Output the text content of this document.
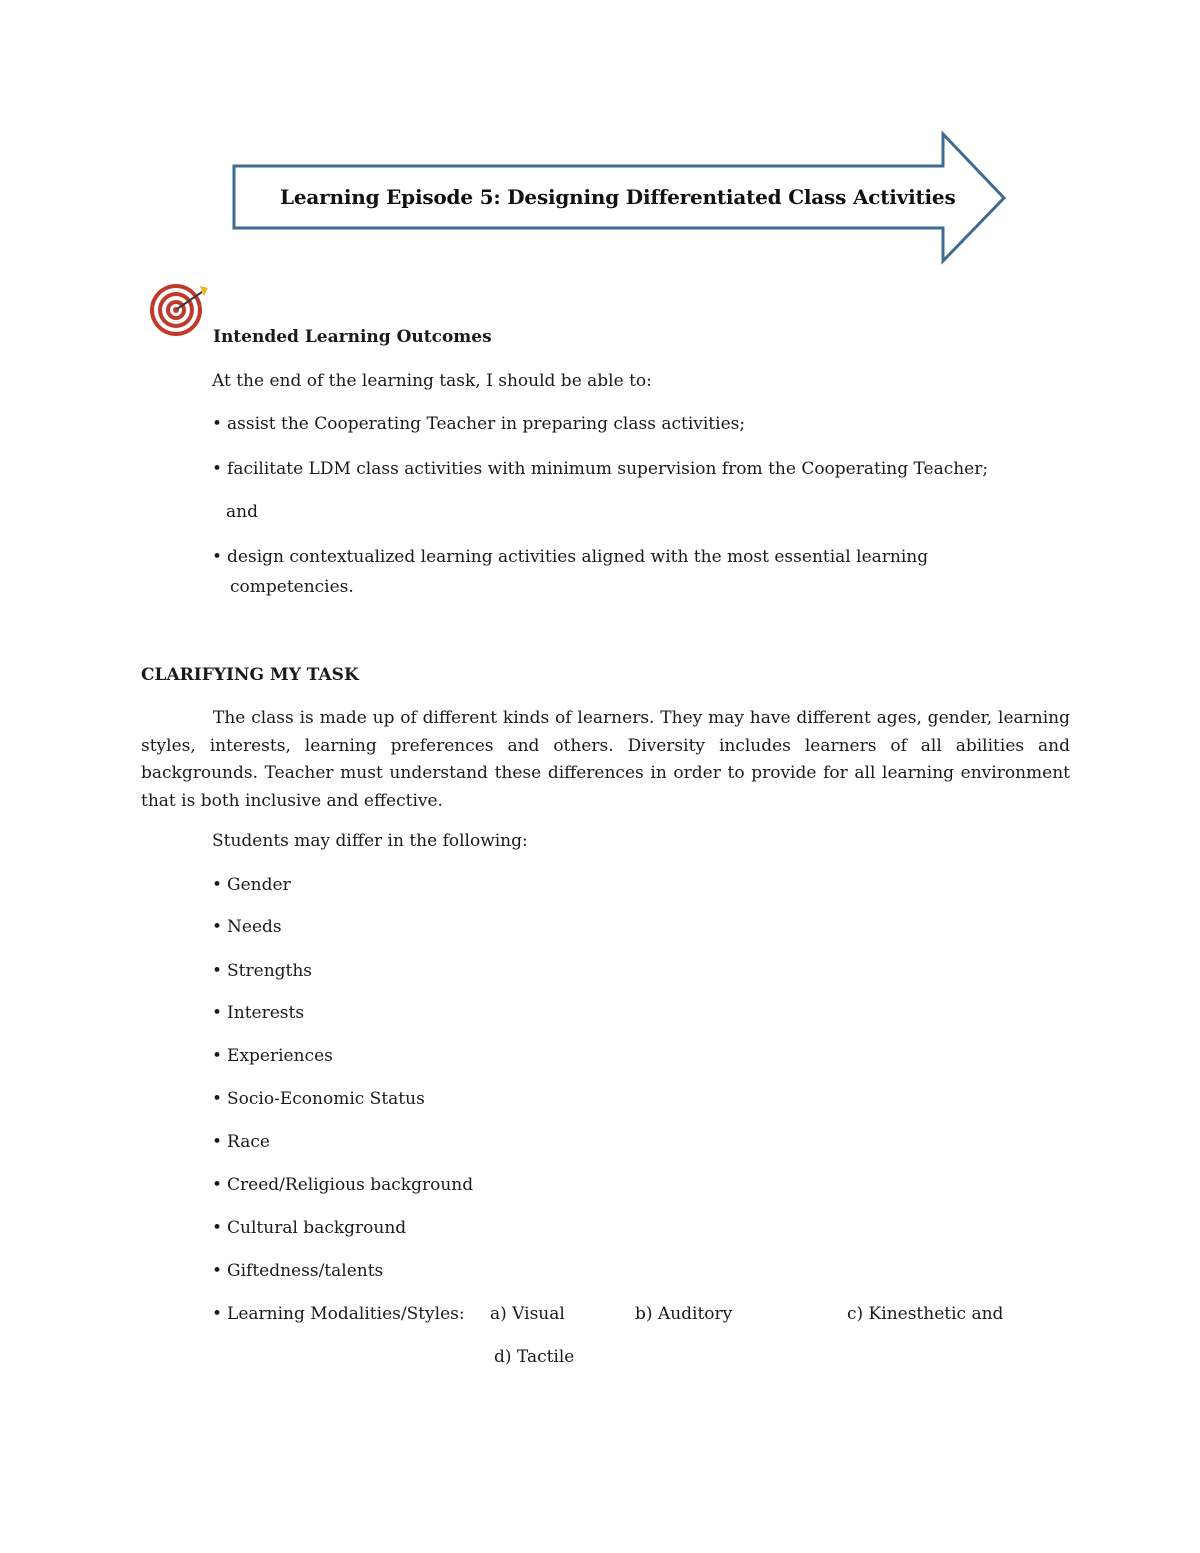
Learning Episode 5: Designing Differentiated Class Activities
Intended Learning Outcomes
At the end of the learning task, I should be able to:
• assist the Cooperating Teacher in preparing class activities;
• facilitate LDM class activities with minimum supervision from the Cooperating Teacher;
and
• design contextualized learning activities aligned with the most essential learning
competencies.
CLARIFYING MY TASK
The class is made up of different kinds of learners. They may have different ages, gender, learning styles, interests, learning preferences and others. Diversity includes learners of all abilities and backgrounds. Teacher must understand these differences in order to provide for all learning environment that is both inclusive and effective.
Students may differ in the following:
• Gender
• Needs
• Strengths
• Interests
• Experiences
• Socio-Economic Status
• Race
• Creed/Religious background
• Cultural background
• Giftedness/talents
• Learning Modalities/Styles: a) Visual	b) Auditory	c) Kinesthetic and
d) Tactile
